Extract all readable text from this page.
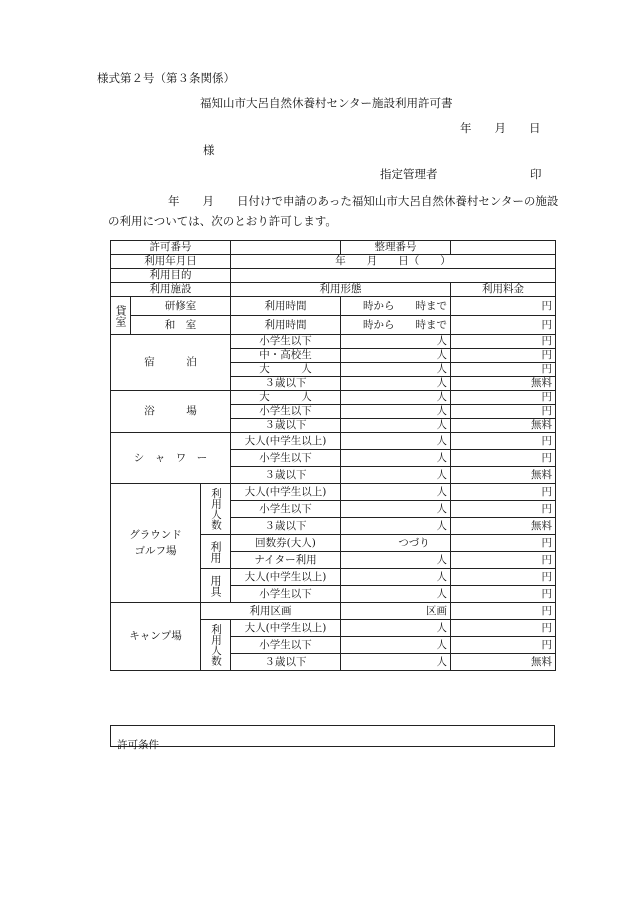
様式第２号（第３条関係）
福知山市大呂自然休養村センター施設利用許可書
年　　月　　日
様
指定管理者	印
年　　月　　日付けで申請のあった福知山市大呂自然休養村センターの施設
の利用については、次のとおり許可します。
許可番号				整理番号	
利用年月日			年　　月　　日（　　）		
利用目的					
利用施設			利用形態		利用料金
貸室	研修室		利用時間	時から　　時まで	円
	和　室		利用時間	時から　　時まで	円
宿　　　泊			小学生以下	人	円
			中・高校生	人	円
			大　　　人	人	円
			３歳以下	人	無料
浴　　　場			大　　　人	人	円
			小学生以下	人	円
			３歳以下	人	無料
シ　ャ　ワ　ー			大人(中学生以上)	人	円
			小学生以下	人	円
			３歳以下	人	無料
グラウンド
ゴルフ場		利用人数	大人(中学生以上)	人	円
			小学生以下	人	円
			３歳以下	人	無料
		利用	回数券(大人)	つづり	円
			ナイター利用	人	円
		用具	大人(中学生以上)	人	円
			小学生以下	人	円
キャンプ場		利用区画		区画	円
		利用人数	大人(中学生以上)	人	円
			小学生以下	人	円
			３歳以下	人	無料
許可条件
